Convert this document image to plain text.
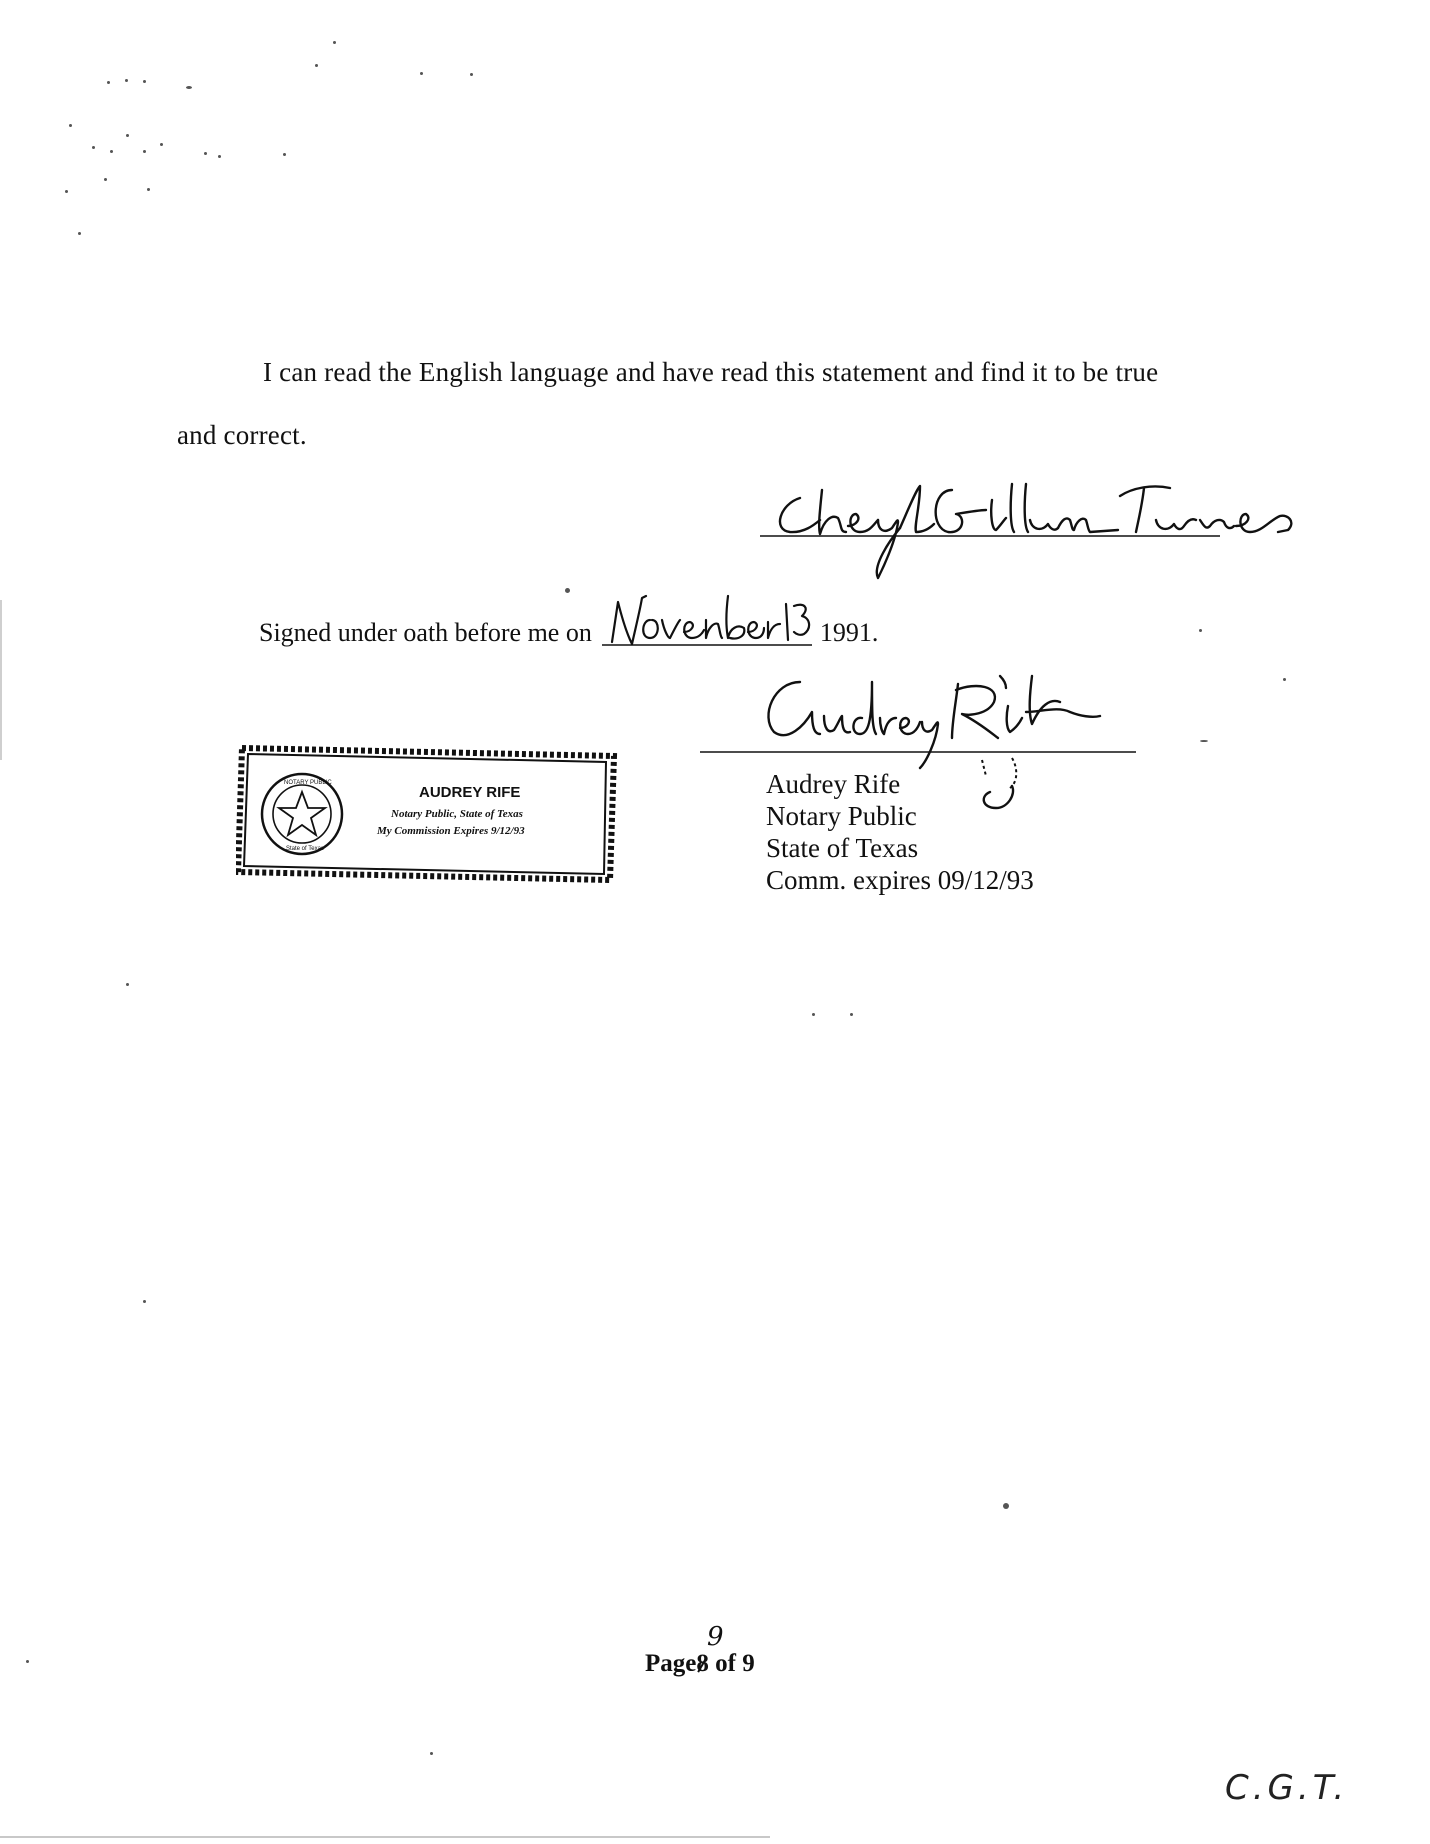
I can read the English language and have read this statement and find it to be true
and correct.
Signed under oath before me on	1991.
Audrey Rife
Notary Public
State of Texas
Comm. expires 09/12/93
NOTARY PUBLIC
State of Texas
AUDREY RIFE
Notary Public, State of Texas
My Commission Expires 9/12/93
Page8 of 9
9
C.G.T.
